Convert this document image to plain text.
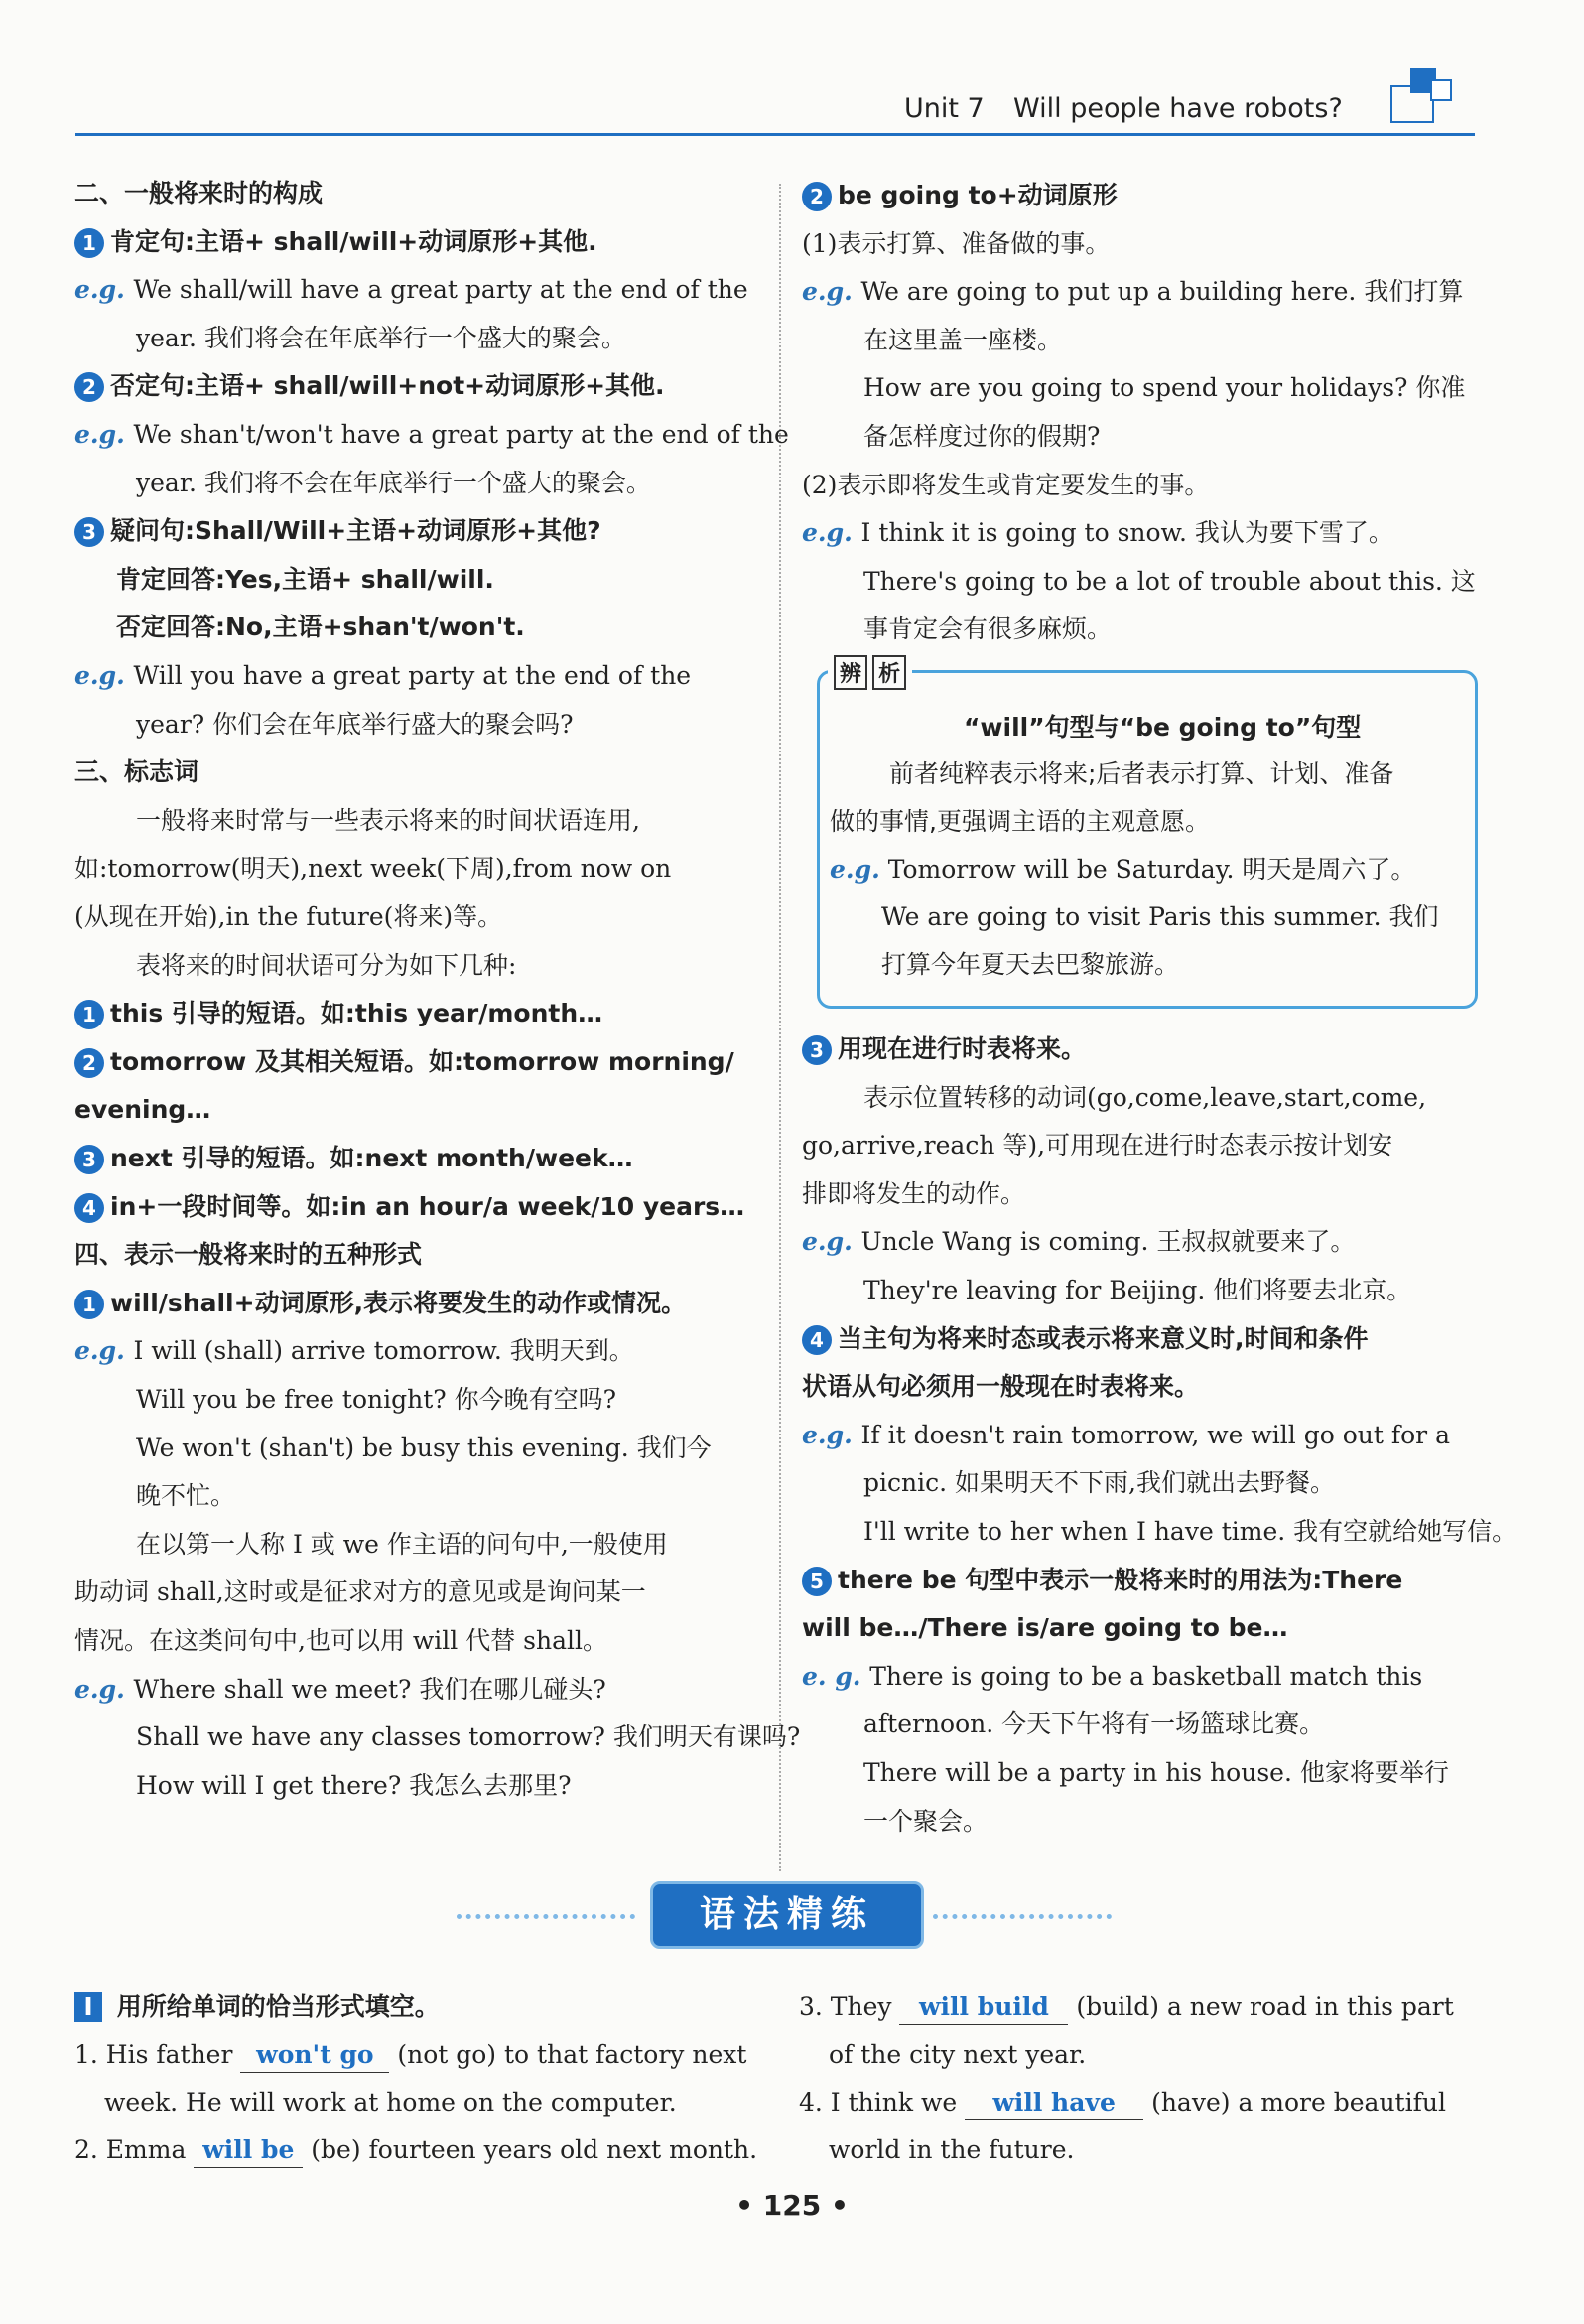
Unit 7 Will people have robots?
二、一般将来时的构成
1 肯定句:主语+ shall/will+动词原形+其他.
e.g. We shall/will have a great party at the end of the
year. 我们将会在年底举行一个盛大的聚会。
2 否定句:主语+ shall/will+not+动词原形+其他.
e.g. We shan't/won't have a great party at the end of the
year. 我们将不会在年底举行一个盛大的聚会。
3 疑问句:Shall/Will+主语+动词原形+其他?
肯定回答:Yes,主语+ shall/will.
否定回答:No,主语+shan't/won't.
e.g. Will you have a great party at the end of the
year? 你们会在年底举行盛大的聚会吗?
三、标志词
一般将来时常与一些表示将来的时间状语连用,
如:tomorrow(明天),next week(下周),from now on
(从现在开始),in the future(将来)等。
表将来的时间状语可分为如下几种:
1 this 引导的短语。如:this year/month…
2 tomorrow 及其相关短语。如:tomorrow morning/
evening…
3 next 引导的短语。如:next month/week…
4 in+一段时间等。如:in an hour/a week/10 years…
四、表示一般将来时的五种形式
1 will/shall+动词原形,表示将要发生的动作或情况。
e.g. I will (shall) arrive tomorrow. 我明天到。
Will you be free tonight? 你今晚有空吗?
We won't (shan't) be busy this evening. 我们今
晚不忙。
在以第一人称 I 或 we 作主语的问句中,一般使用
助动词 shall,这时或是征求对方的意见或是询问某一
情况。在这类问句中,也可以用 will 代替 shall。
e.g. Where shall we meet? 我们在哪儿碰头?
Shall we have any classes tomorrow? 我们明天有课吗?
How will I get there? 我怎么去那里?
2 be going to+动词原形
(1)表示打算、准备做的事。
e.g. We are going to put up a building here. 我们打算
在这里盖一座楼。
How are you going to spend your holidays? 你准
备怎样度过你的假期?
(2)表示即将发生或肯定要发生的事。
e.g. I think it is going to snow. 我认为要下雪了。
There's going to be a lot of trouble about this. 这
事肯定会有很多麻烦。
3 用现在进行时表将来。
表示位置转移的动词(go,come,leave,start,come,
go,arrive,reach 等),可用现在进行时态表示按计划安
排即将发生的动作。
e.g. Uncle Wang is coming. 王叔叔就要来了。
They're leaving for Beijing. 他们将要去北京。
4 当主句为将来时态或表示将来意义时,时间和条件
状语从句必须用一般现在时表将来。
e.g. If it doesn't rain tomorrow, we will go out for a
picnic. 如果明天不下雨,我们就出去野餐。
I'll write to her when I have time. 我有空就给她写信。
5 there be 句型中表示一般将来时的用法为:There
will be…/There is/are going to be…
e. g. There is going to be a basketball match this
afternoon. 今天下午将有一场篮球比赛。
There will be a party in his house. 他家将要举行
一个聚会。
辨 析
“will”句型与“be going to”句型
前者纯粹表示将来;后者表示打算、计划、准备
做的事情,更强调主语的主观意愿。
e.g. Tomorrow will be Saturday. 明天是周六了。
We are going to visit Paris this summer. 我们
打算今年夏天去巴黎旅游。
语法精练
I 用所给单词的恰当形式填空。
1. His father won't go (not go) to that factory next
week. He will work at home on the computer.
2. Emma will be (be) fourteen years old next month.
3. They will build (build) a new road in this part
of the city next year.
4. I think we will have (have) a more beautiful
world in the future.
• 125 •
